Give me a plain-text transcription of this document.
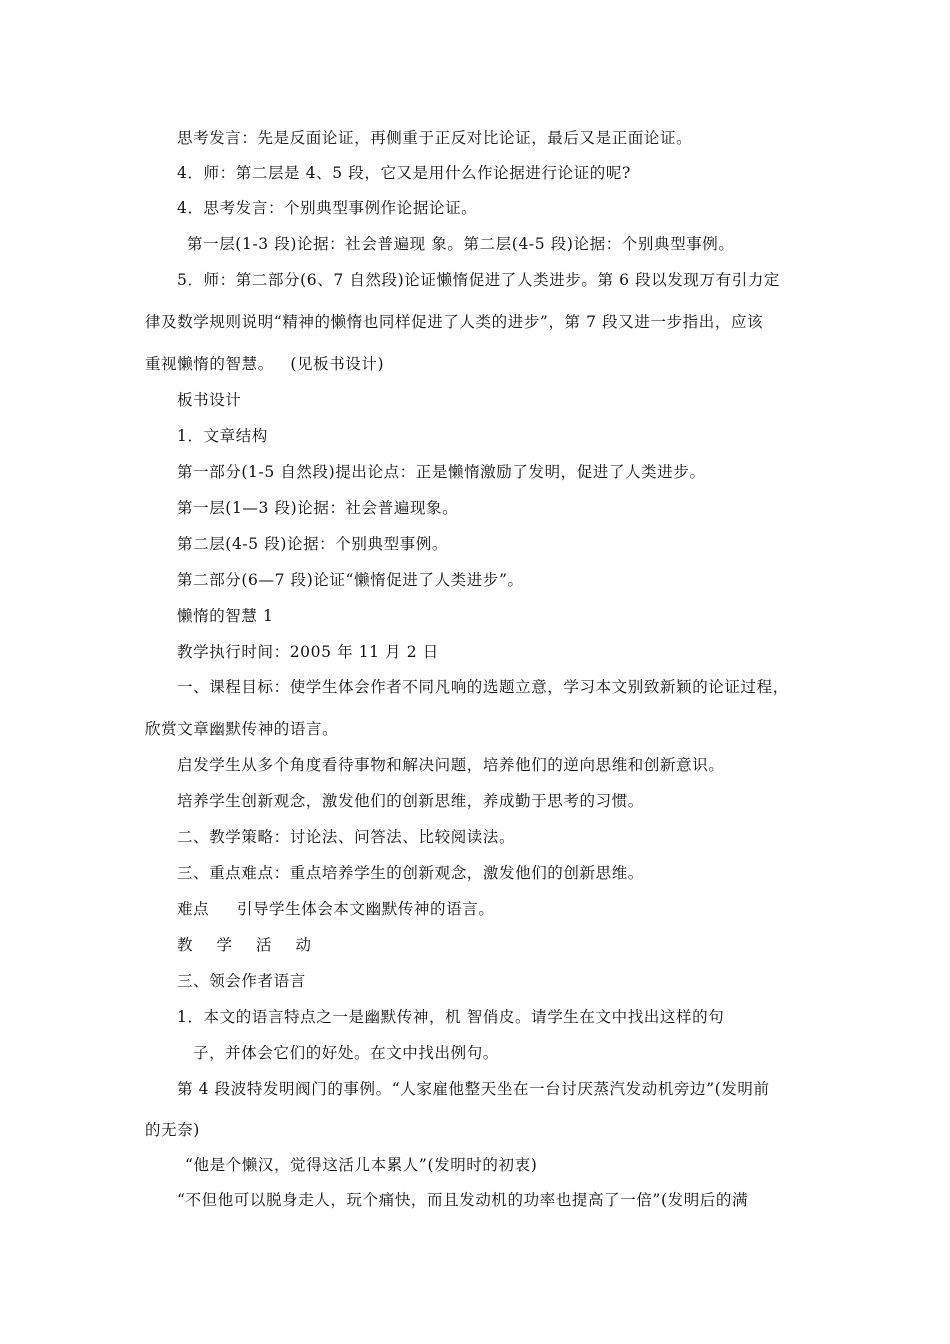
思考发言：先是反面论证，再侧重于正反对比论证，最后又是正面论证。
4．师：第二层是 4、5 段，它又是用什么作论据进行论证的呢?
4．思考发言：个别典型事例作论据论证。
第一层(1-3 段)论据：社会普遍现 象。第二层(4-5 段)论据：个别典型事例。
5．师：第二部分(6、7 自然段)论证懒惰促进了人类进步。第 6 段以发现万有引力定
律及数学规则说明“精神的懒惰也同样促进了人类的进步”，第 7 段又进一步指出，应该
重视懒惰的智慧。   (见板书设计)
板书设计
1．文章结构
第一部分(1-5 自然段)提出论点：正是懒惰激励了发明，促进了人类进步。
第一层(1—3 段)论据：社会普遍现象。
第二层(4-5 段)论据：个别典型事例。
第二部分(6—7 段)论证“懒惰促进了人类进步”。
懒惰的智慧 1
教学执行时间：2005 年 11 月 2 日
一、课程目标：使学生体会作者不同凡响的选题立意，学习本文别致新颖的论证过程，
欣赏文章幽默传神的语言。
启发学生从多个角度看待事物和解决问题，培养他们的逆向思维和创新意识。
培养学生创新观念，激发他们的创新思维，养成勤于思考的习惯。
二、教学策略：讨论法、问答法、比较阅读法。
三、重点难点：重点培养学生的创新观念，激发他们的创新思维。
难点     引导学生体会本文幽默传神的语言。
教学活动
三、领会作者语言
1．本文的语言特点之一是幽默传神，机 智俏皮。请学生在文中找出这样的句
子，并体会它们的好处。在文中找出例句。
第 4 段波特发明阀门的事例。“人家雇他整天坐在一台讨厌蒸汽发动机旁边”(发明前
的无奈)
“他是个懒汉，觉得这活儿本累人”(发明时的初衷)
“不但他可以脱身走人，玩个痛快，而且发动机的功率也提高了一倍”(发明后的满
